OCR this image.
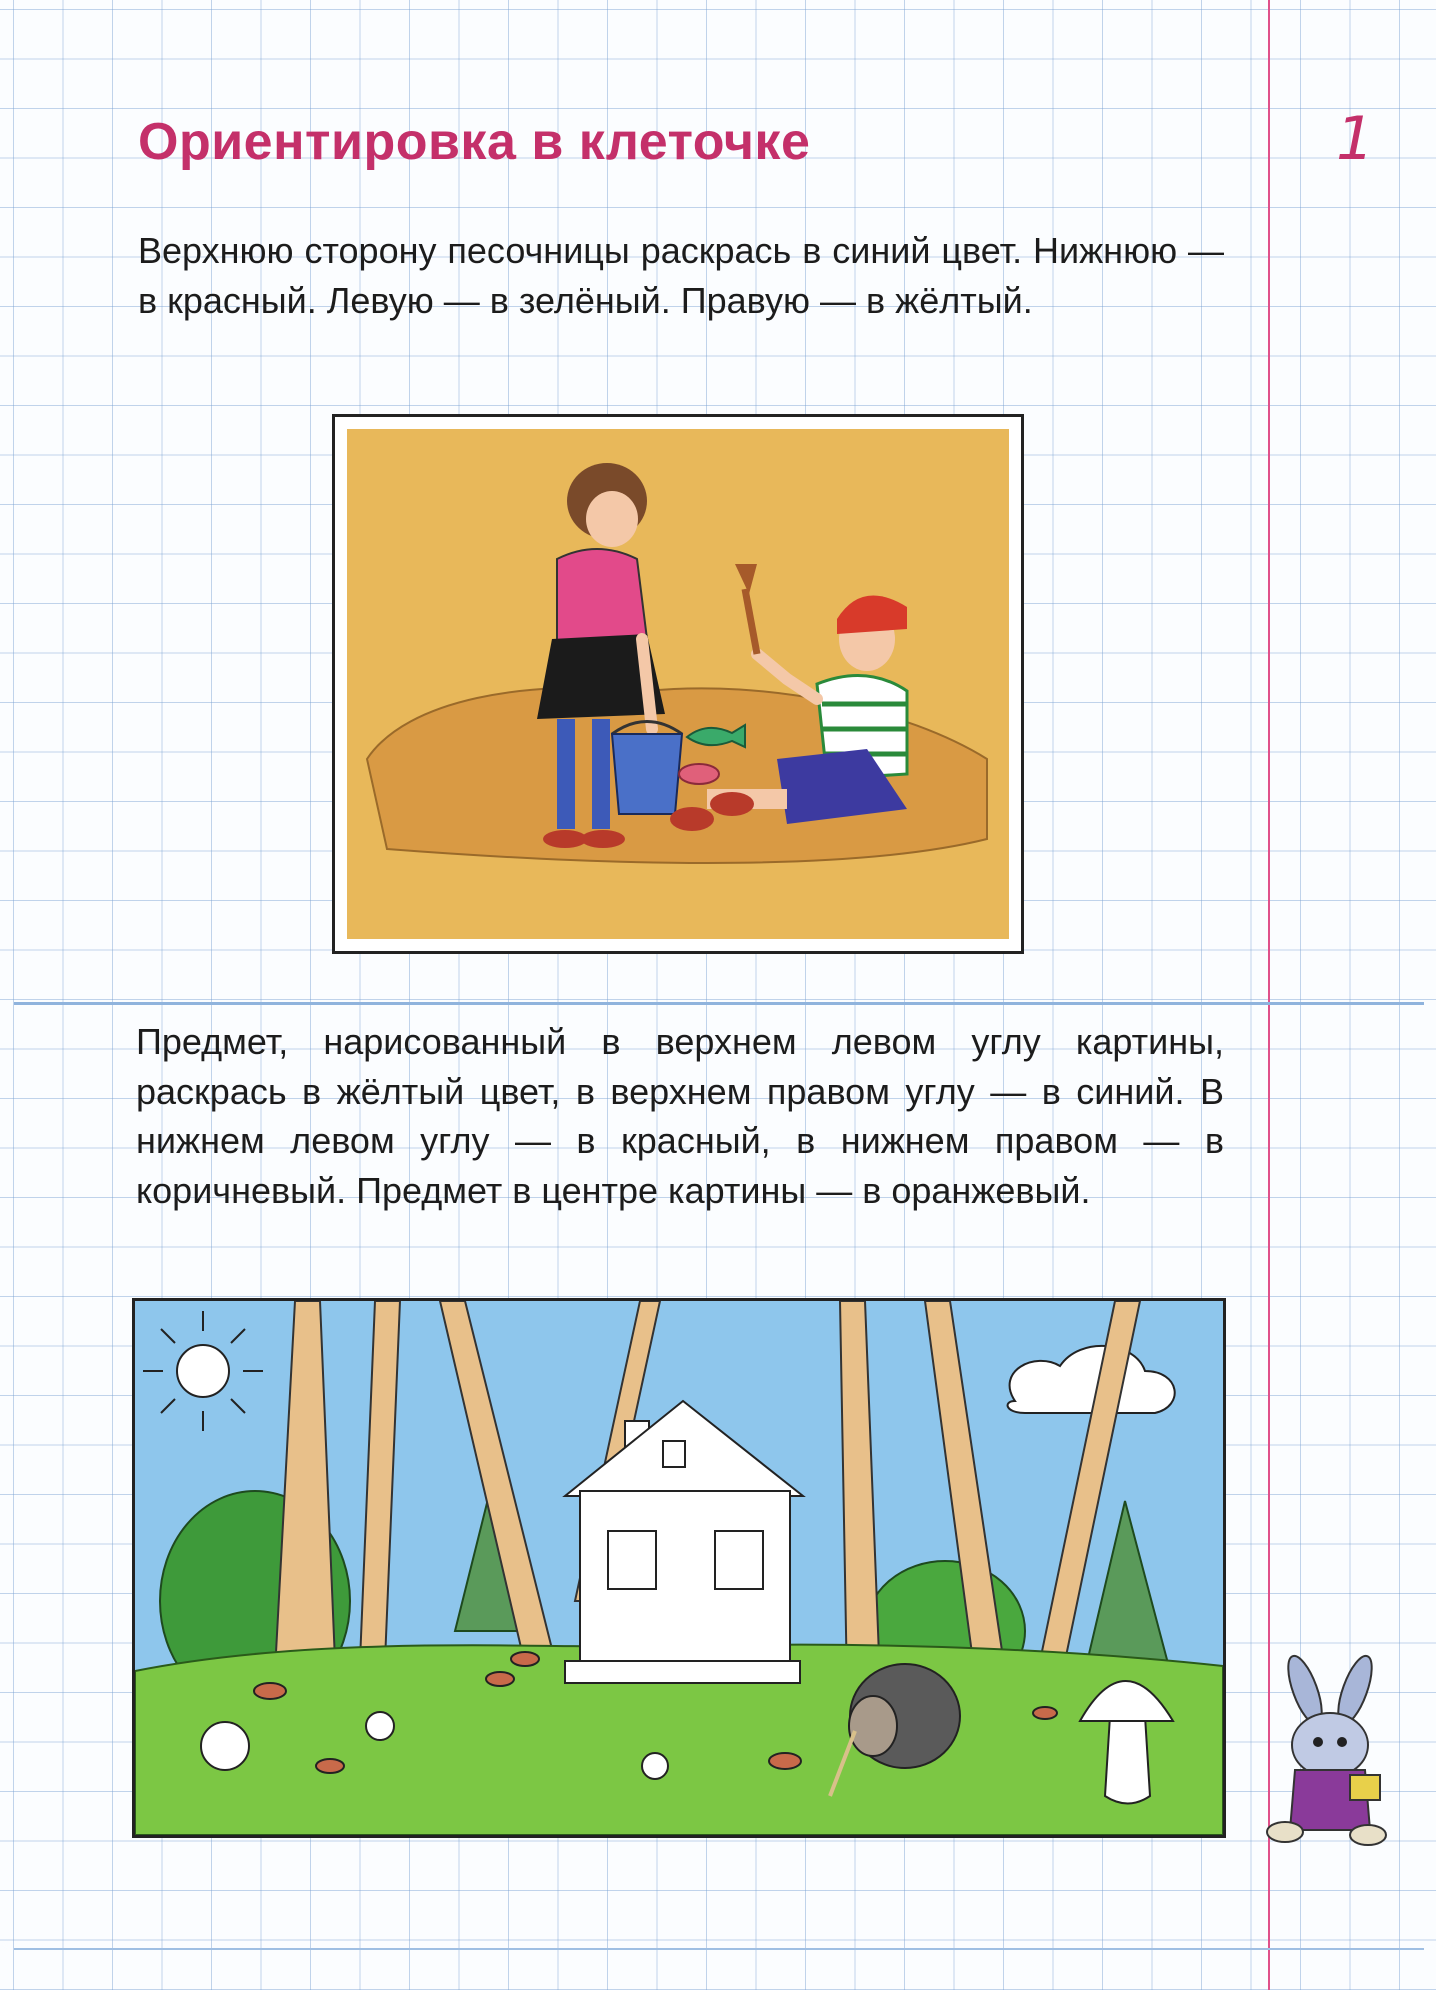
Ориентировка в клеточке	1

Верхнюю сторону песочницы раскрась в синий цвет. Нижнюю — в красный. Левую — в зелёный. Правую — в жёлтый.

Предмет, нарисованный в верхнем левом углу картины, раскрась в жёлтый цвет, в верхнем правом углу — в синий. В нижнем левом углу — в красный, в нижнем правом — в коричневый. Предмет в центре картины — в оранжевый.
